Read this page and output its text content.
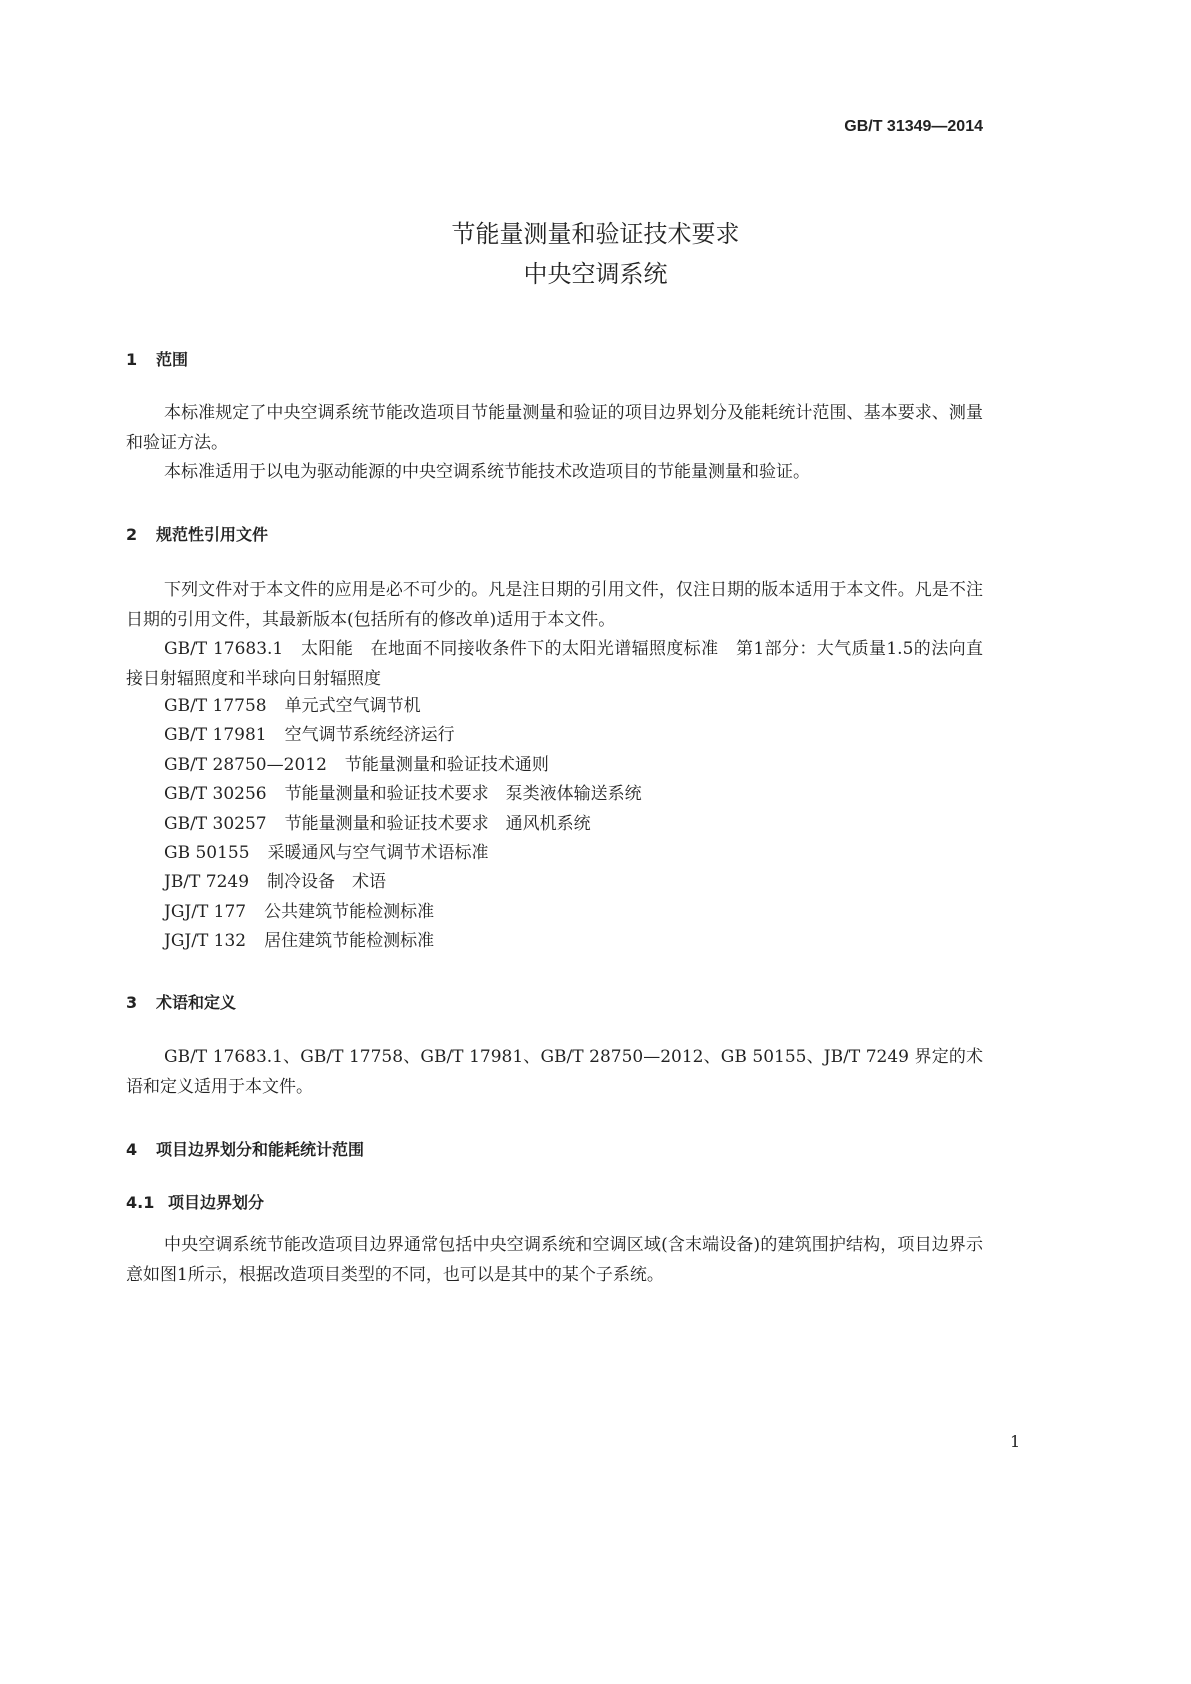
GB/T 31349—2014
节能量测量和验证技术要求
中央空调系统
1 范围
本标准规定了中央空调系统节能改造项目节能量测量和验证的项目边界划分及能耗统计范围、基本要求、测量和验证方法。
本标准适用于以电为驱动能源的中央空调系统节能技术改造项目的节能量测量和验证。
2 规范性引用文件
下列文件对于本文件的应用是必不可少的。凡是注日期的引用文件，仅注日期的版本适用于本文件。凡是不注日期的引用文件，其最新版本(包括所有的修改单)适用于本文件。
GB/T 17683.1　太阳能　在地面不同接收条件下的太阳光谱辐照度标准　第1部分：大气质量1.5的法向直接日射辐照度和半球向日射辐照度
GB/T 17758 单元式空气调节机
GB/T 17981 空气调节系统经济运行
GB/T 28750—2012 节能量测量和验证技术通则
GB/T 30256 节能量测量和验证技术要求　泵类液体输送系统
GB/T 30257 节能量测量和验证技术要求　通风机系统
GB 50155 采暖通风与空气调节术语标准
JB/T 7249 制冷设备　术语
JGJ/T 177 公共建筑节能检测标准
JGJ/T 132 居住建筑节能检测标准
3 术语和定义
GB/T 17683.1、GB/T 17758、GB/T 17981、GB/T 28750—2012、GB 50155、JB/T 7249 界定的术语和定义适用于本文件。
4 项目边界划分和能耗统计范围
4.1 项目边界划分
中央空调系统节能改造项目边界通常包括中央空调系统和空调区域(含末端设备)的建筑围护结构，项目边界示意如图1所示，根据改造项目类型的不同，也可以是其中的某个子系统。
1
